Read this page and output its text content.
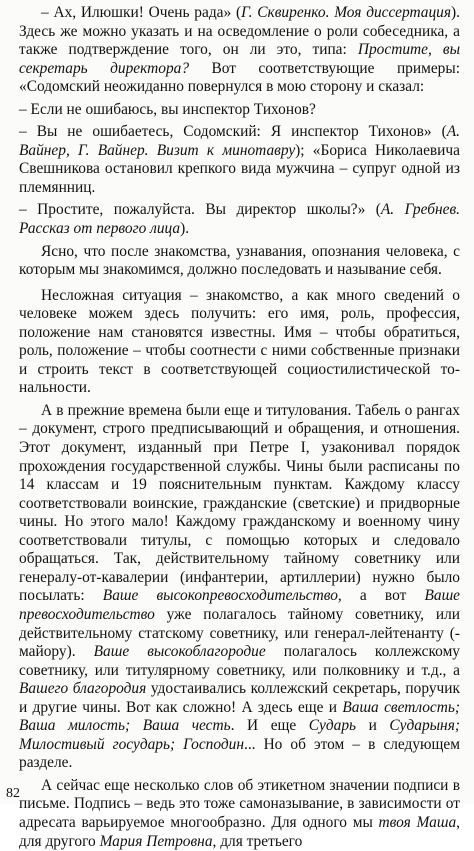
– Ах, Илюшки! Очень рада» (Г. Сквиренко. Моя диссертация). Здесь же можно указать и на осведомление о роли собеседника, а также подтверждение того, он ли это, типа: Простите, вы секретарь директора? Вот соответствующие примеры: «Содомский неожиданно повернулся в мою сторону и сказал:

– Если не ошибаюсь, вы инспектор Тихонов?

– Вы не ошибаетесь, Содомский: Я инспектор Тихонов» (А. Вайнер, Г. Вайнер. Визит к минотавру); «Бориса Николаевича Свешникова остановил крепкого вида мужчина – супруг одной из племянниц.

– Простите, пожалуйста. Вы директор школы?» (А. Гребнев. Рассказ от первого лица).

Ясно, что после знакомства, узнавания, опознания человека, с которым мы знакомимся, должно последовать и называние себя.

Несложная ситуация – знакомство, а как много сведений о человеке можем здесь получить: его имя, роль, профессия, положение нам становятся известны. Имя – чтобы обратиться, роль, положение – чтобы соотнести с ними собственные признаки и строить текст в соответствующей социостилистической тональности.

А в прежние времена были еще и титулования. Табель о рангах – документ, строго предписывающий и обращения, и отношения. Этот документ, изданный при Петре I, узаконивал порядок прохождения государственной службы. Чины были расписаны по 14 классам и 19 пояснительным пунктам. Каждому классу соответствовали воинские, гражданские (светские) и придворные чины. Но этого мало! Каждому гражданскому и военному чину соответствовали титулы, с помощью которых и следовало обращаться. Так, действительному тайному советнику или генералу-от-кавалерии (инфантерии, артиллерии) нужно было посылать: Ваше высокопревосходительство, а вот Ваше превосходительство уже полагалось тайному советнику, или действительному статскому советнику, или генерал-лейтенанту (-майору). Ваше высокоблагородие полагалось коллежскому советнику, или титулярному советнику, или полковнику и т.д., а Вашего благородия удостаивались коллежский секретарь, поручик и другие чины. Вот как сложно! А здесь еще и Ваша светлость; Ваша милость; Ваша честь. И еще Сударь и Сударыня; Милостивый государь; Господин... Но об этом – в следующем разделе.

А сейчас еще несколько слов об этикетном значении подписи в письме. Подпись – ведь это тоже самоназывание, в зависимости от адресата варьируемое многообразно. Для одного мы твоя Маша, для другого Мария Петровна, для третьего

82
